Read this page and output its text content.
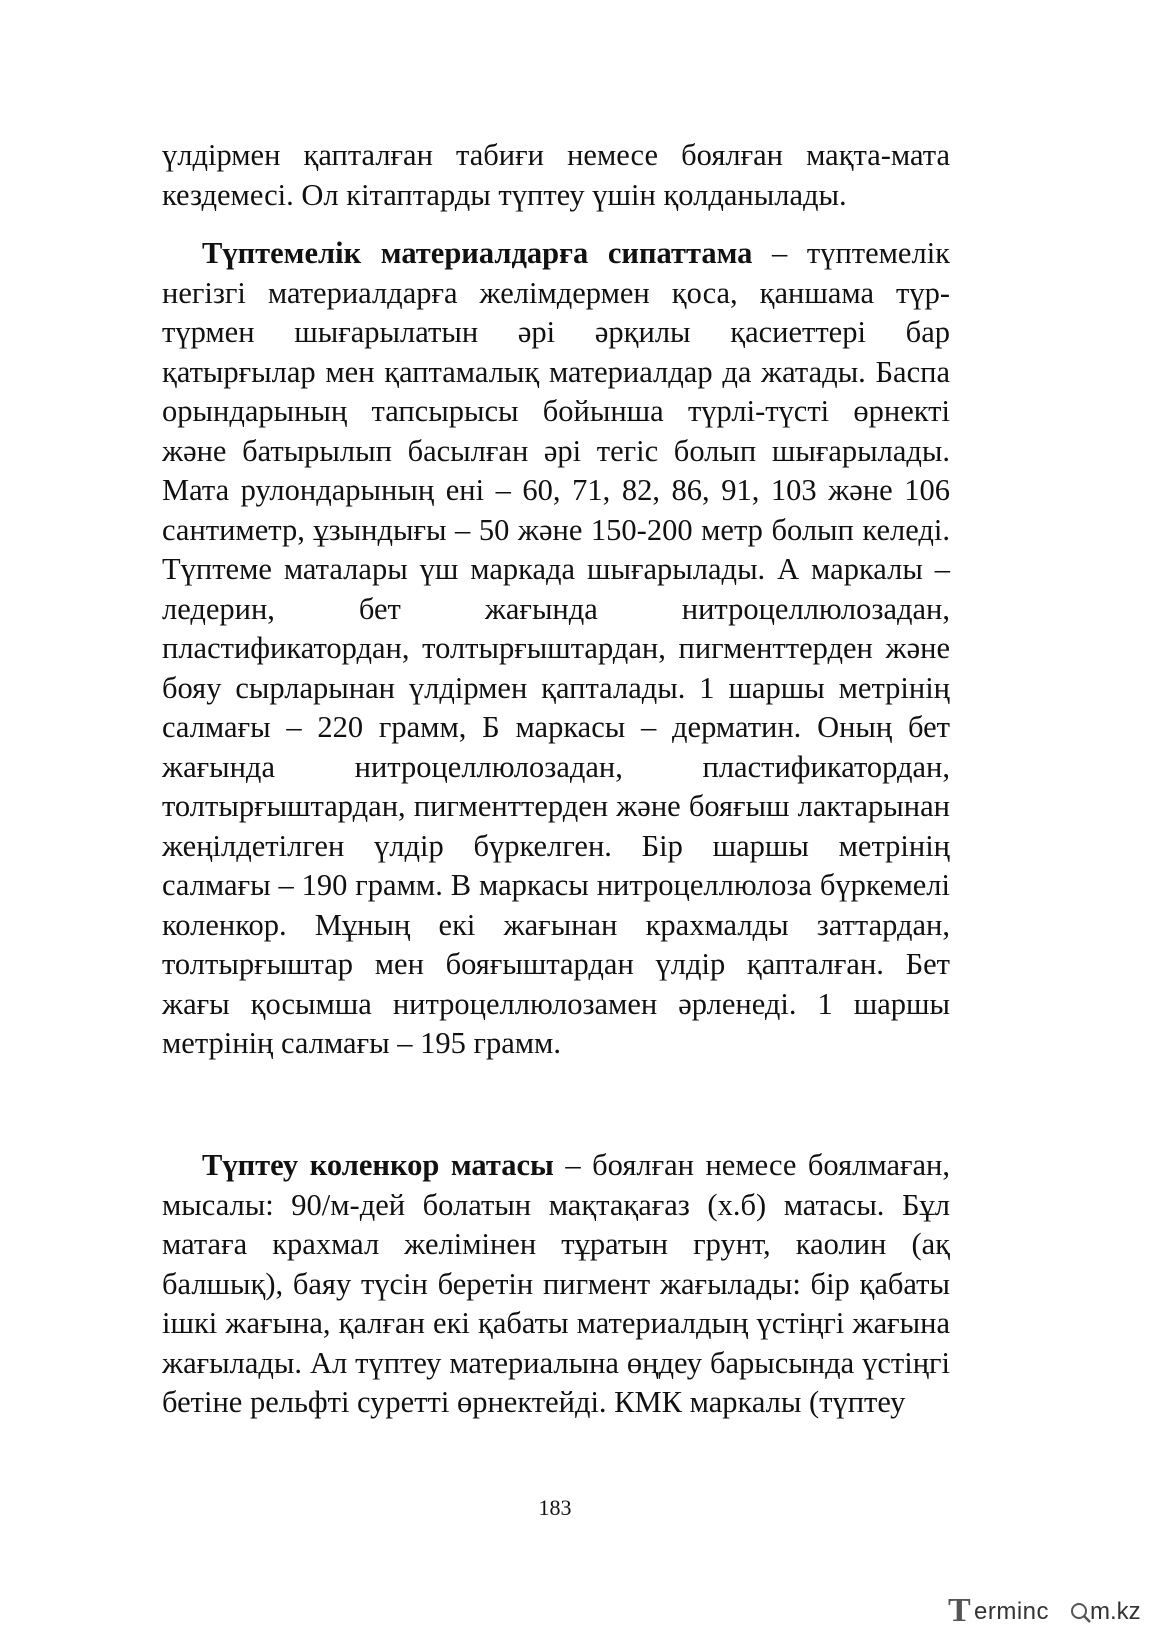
үлдірмен қапталған табиғи немесе боялған мақта-мата кездемесі. Ол кітаптарды түптеу үшін қолданылады.

Түптемелік материалдарға сипаттама – түптемелік негізгі материалдарға желімдермен қоса, қаншама түр-түрмен шығарылатын әрі әрқилы қасиеттері бар қатырғылар мен қаптамалық материалдар да жатады. Баспа орындарының тапсырысы бойынша түрлі-түсті өрнекті және батырылып басылған әрі тегіс болып шығарылады. Мата рулондарының ені – 60, 71, 82, 86, 91, 103 және 106 сантиметр, ұзындығы – 50 және 150-200 метр болып келеді. Түптеме маталары үш маркада шығарылады. А маркалы – ледерин, бет жағында нитроцеллюлозадан, пластификатордан, толтырғыштардан, пигменттерден және бояу сырларынан үлдірмен қапталады. 1 шаршы метрінің салмағы – 220 грамм, Б маркасы – дерматин. Оның бет жағында нитроцеллюлозадан, пластификатордан, толтырғыштардан, пигменттерден және бояғыш лактарынан жеңілдетілген үлдір бүркелген. Бір шаршы метрінің салмағы – 190 грамм. В маркасы нитроцеллюлоза бүркемелі коленкор. Мұның екі жағынан крахмалды заттардан, толтырғыштар мен бояғыштардан үлдір қапталған. Бет жағы қосымша нитроцеллюлозамен әрленеді. 1 шаршы метрінің салмағы – 195 грамм.

Түптеу коленкор матасы – боялған немесе боялмаған, мысалы: 90/м-дей болатын мақтақағаз (х.б) матасы. Бұл матаға крахмал желімінен тұратын грунт, каолин (ақ балшық), баяу түсін беретін пигмент жағылады: бір қабаты ішкі жағына, қалған екі қабаты материалдың үстіңгі жағына жағылады. Ал түптеу материалына өңдеу барысында үстіңгі бетіне рельфті суретті өрнектейді. КМК маркалы (түптеу

183
T erminc m.kz
